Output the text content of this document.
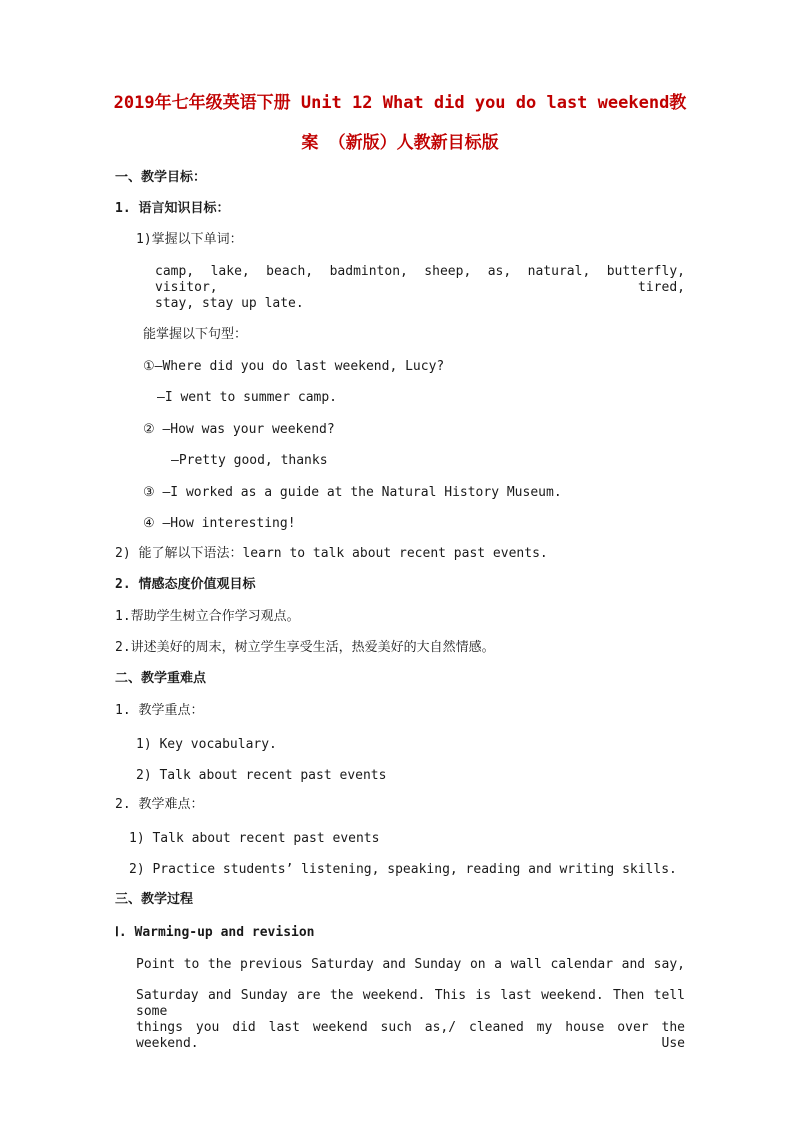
2019年七年级英语下册 Unit 12 What did you do last weekend教
案 （新版）人教新目标版
一、教学目标：
1. 语言知识目标：
1)掌握以下单词：
camp, lake, beach, badminton, sheep, as, natural, butterfly, visitor, tired,
stay, stay up late.
能掌握以下句型：
①—Where did you do last weekend, Lucy?
—I went to summer camp.
② —How was your weekend?
—Pretty good, thanks
③ —I worked as a guide at the Natural History Museum.
④ —How interesting!
2) 能了解以下语法：learn to talk about recent past events.
2. 情感态度价值观目标
1.帮助学生树立合作学习观点。
2.讲述美好的周末，树立学生享受生活，热爱美好的大自然情感。
二、教学重难点
1. 教学重点：
1) Key vocabulary.
2) Talk about recent past events
2. 教学难点：
1) Talk about recent past events
2) Practice students’ listening, speaking, reading and writing skills.
三、教学过程
Ⅰ. Warming-up and revision
Point to the previous Saturday and Sunday on a wall calendar and say,
Saturday and Sunday are the weekend. This is last weekend. Then tell some
things you did last weekend such as,/ cleaned my house over the weekend. Use
